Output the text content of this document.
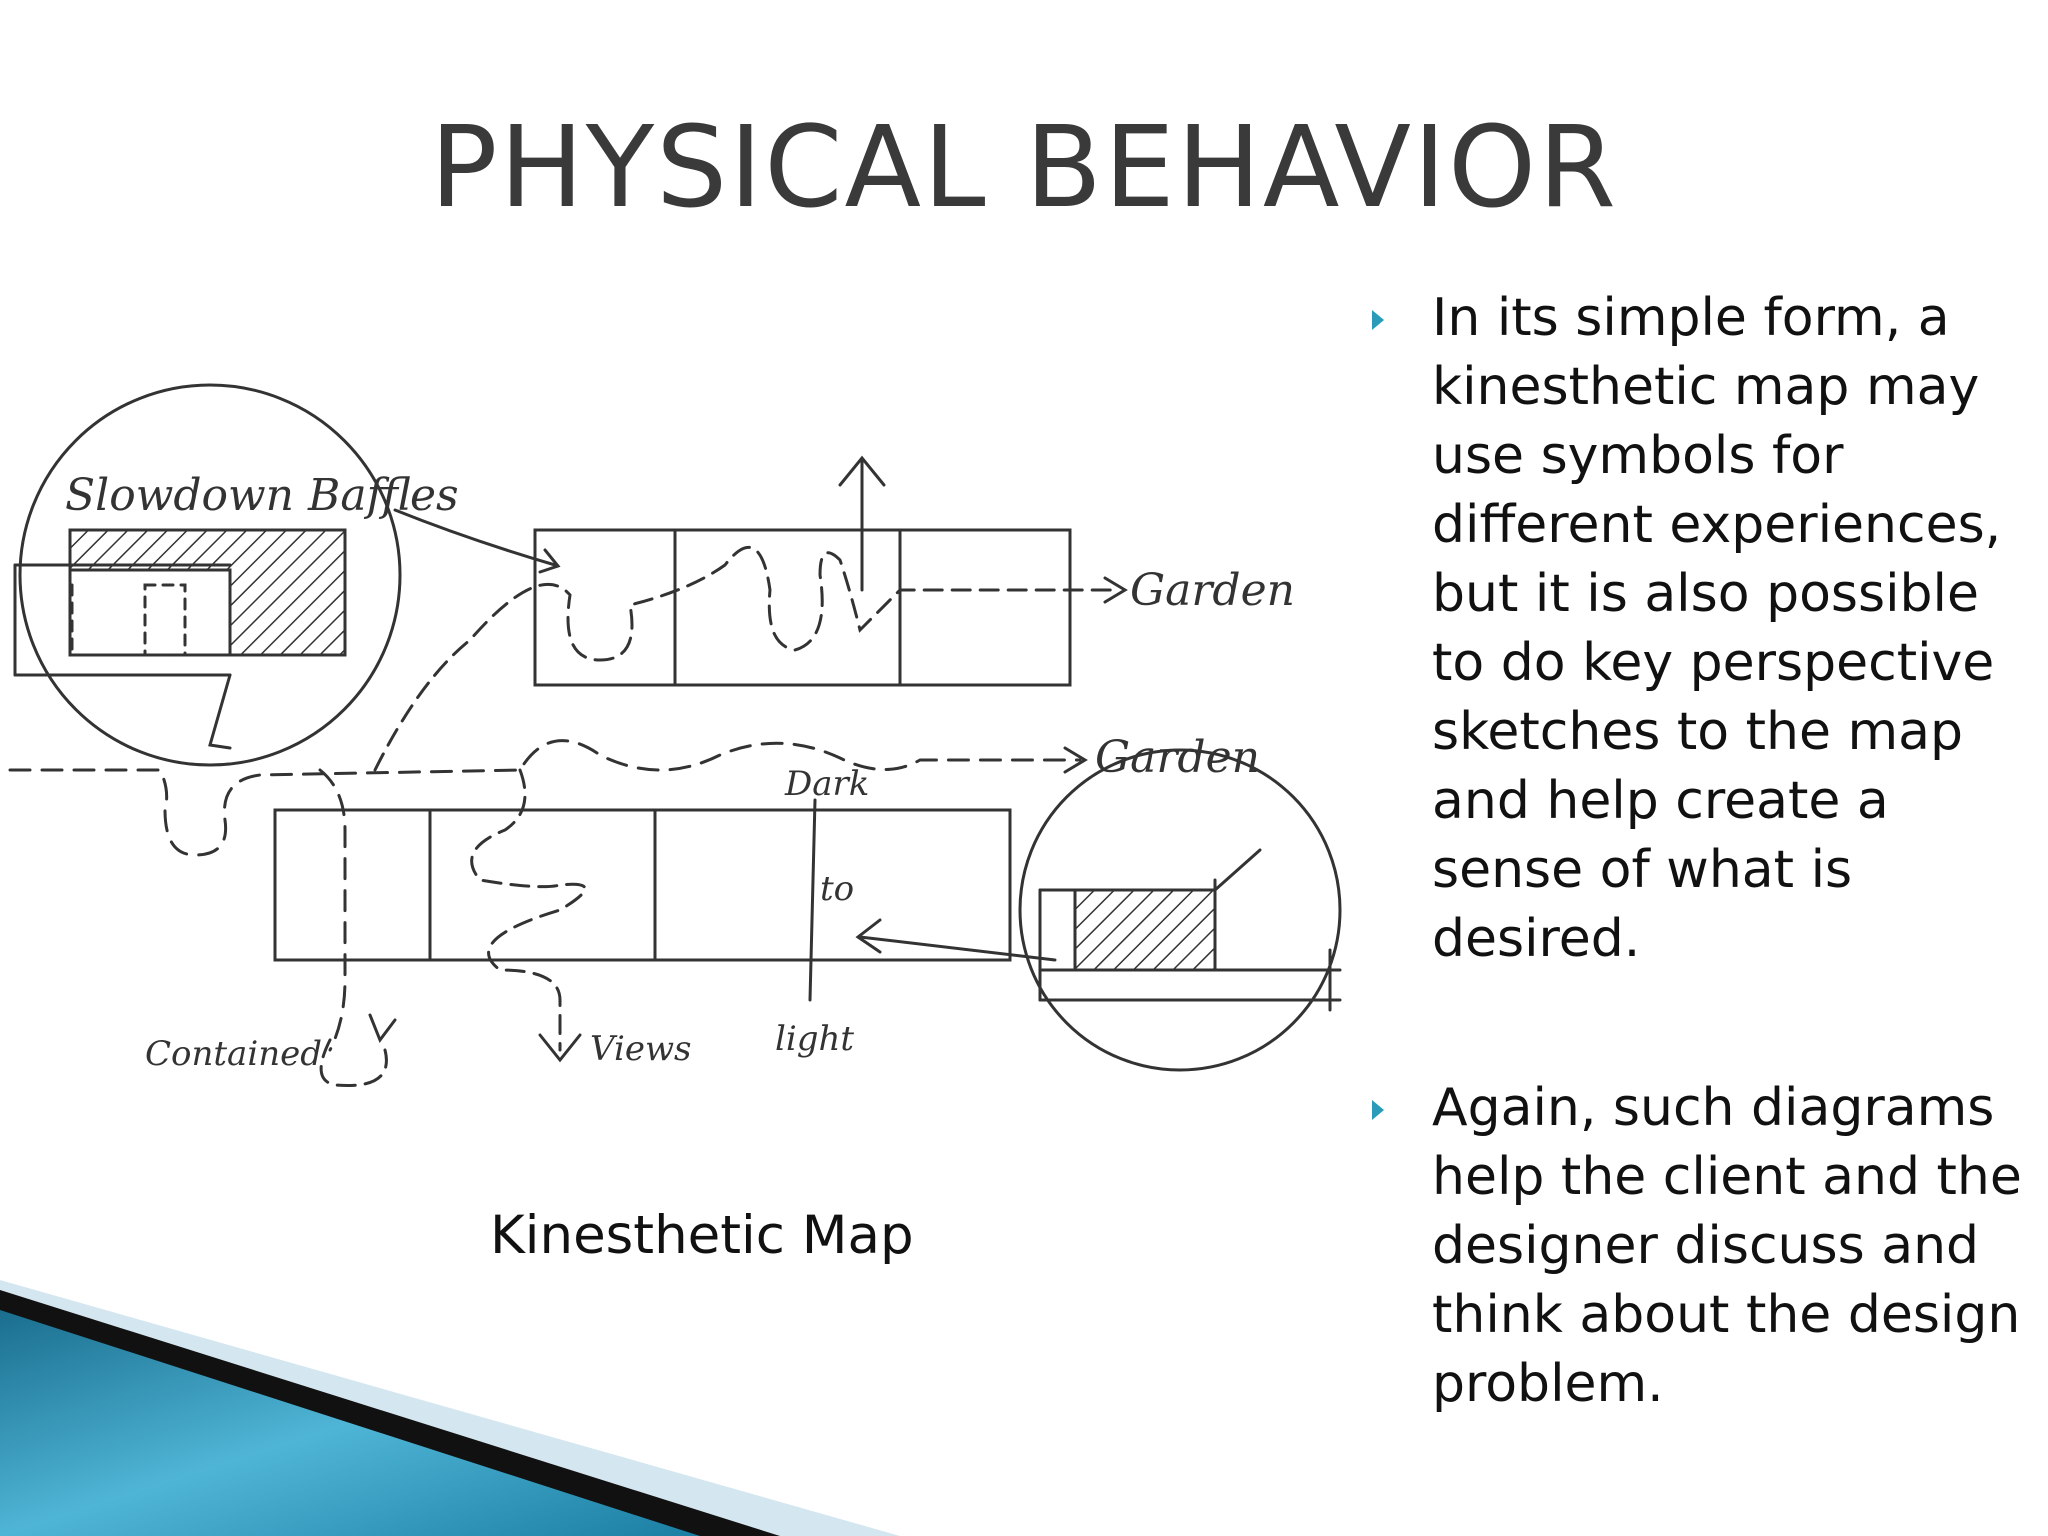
PHYSICAL BEHAVIOR
Slowdown Baffles
Garden
Garden
Dark
to
light
Contained	Views
Kinesthetic Map
In its simple form, a kinesthetic map may use symbols for different experiences, but it is also possible to do key perspective sketches to the map and help create a sense of what is desired.
Again, such diagrams help the client and the designer discuss and think about the design problem.
